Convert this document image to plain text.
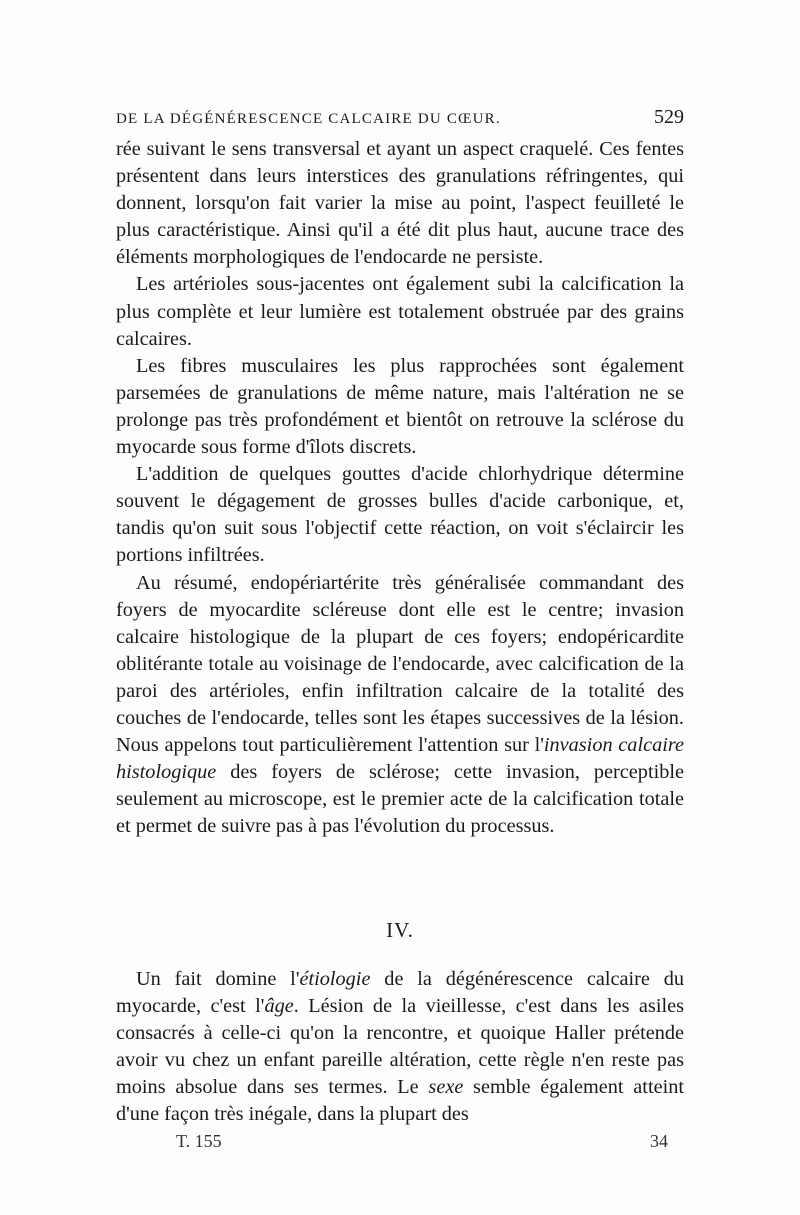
DE LA DÉGÉNÉRESCENCE CALCAIRE DU CŒUR.	529

rée suivant le sens transversal et ayant un aspect craquelé. Ces fentes présentent dans leurs interstices des granulations réfringentes, qui donnent, lorsqu'on fait varier la mise au point, l'aspect feuilleté le plus caractéristique. Ainsi qu'il a été dit plus haut, aucune trace des éléments morphologiques de l'endocarde ne persiste.

Les artérioles sous-jacentes ont également subi la calcification la plus complète et leur lumière est totalement obstruée par des grains calcaires.

Les fibres musculaires les plus rapprochées sont également parsemées de granulations de même nature, mais l'altération ne se prolonge pas très profondément et bientôt on retrouve la sclérose du myocarde sous forme d'îlots discrets.

L'addition de quelques gouttes d'acide chlorhydrique détermine souvent le dégagement de grosses bulles d'acide carbonique, et, tandis qu'on suit sous l'objectif cette réaction, on voit s'éclaircir les portions infiltrées.

Au résumé, endopériartérite très généralisée commandant des foyers de myocardite scléreuse dont elle est le centre; invasion calcaire histologique de la plupart de ces foyers; endopéricardite oblitérante totale au voisinage de l'endocarde, avec calcification de la paroi des artérioles, enfin infiltration calcaire de la totalité des couches de l'endocarde, telles sont les étapes successives de la lésion. Nous appelons tout particulièrement l'attention sur l'invasion calcaire histologique des foyers de sclérose; cette invasion, perceptible seulement au microscope, est le premier acte de la calcification totale et permet de suivre pas à pas l'évolution du processus.

IV.

Un fait domine l'étiologie de la dégénérescence calcaire du myocarde, c'est l'âge. Lésion de la vieillesse, c'est dans les asiles consacrés à celle-ci qu'on la rencontre, et quoique Haller prétende avoir vu chez un enfant pareille altération, cette règle n'en reste pas moins absolue dans ses termes. Le sexe semble également atteint d'une façon très inégale, dans la plupart des

T. 155	34
